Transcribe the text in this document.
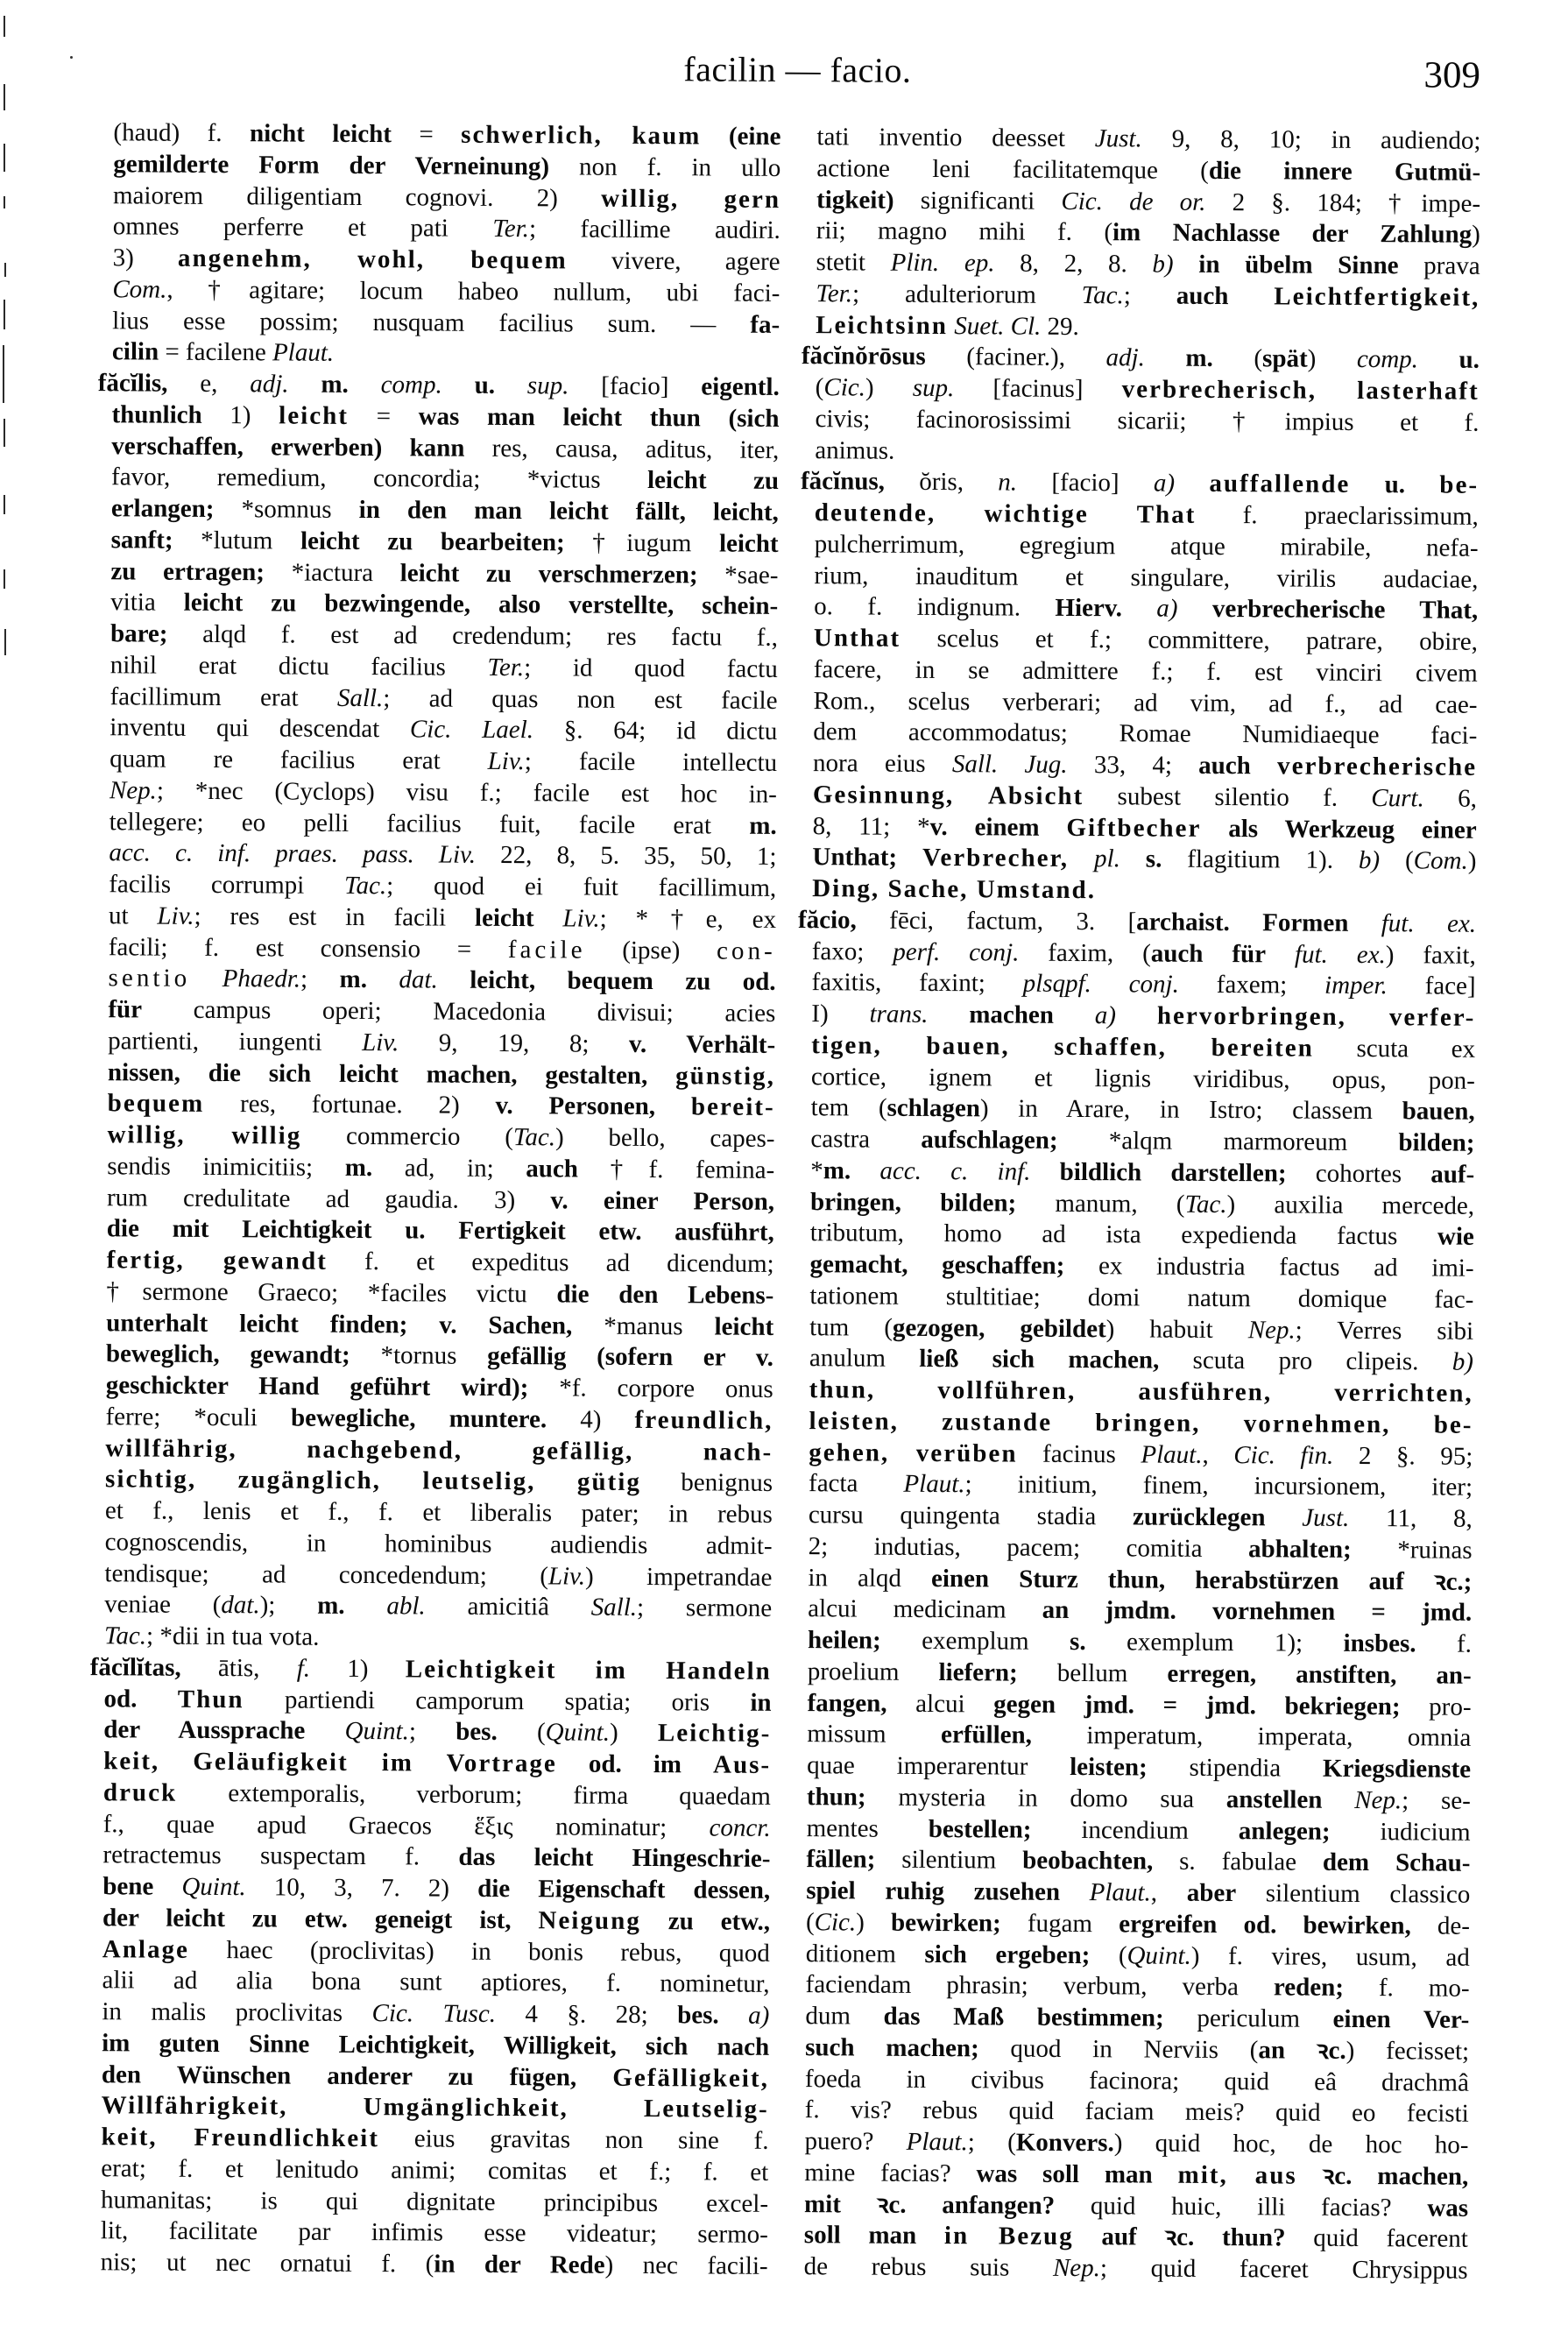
facilin — facio.	309
(haud) f. nicht leicht = schwerlich, kaum (eine
gemilderte Form der Verneinung) non f. in ullo
maiorem diligentiam cognovi. 2) willig, gern
omnes perferre et pati Ter.; facillime audiri.
3) angenehm, wohl, bequem vivere, agere
Com., †agitare; locum habeo nullum, ubi faci-
lius esse possim; nusquam facilius sum. — fa-
cilin = facilene Plaut.
făcĭlis, e, adj. m. comp. u. sup. [facio] eigentl.
thunlich 1) leicht = was man leicht thun (sich
verschaffen, erwerben) kann res, causa, aditus, iter,
favor, remedium, concordia; *victus leicht zu
erlangen; *somnus in den man leicht fällt, leicht,
sanft; *lutum leicht zu bearbeiten; †iugum leicht
zu ertragen; *iactura leicht zu verschmerzen; *sae-
vitia leicht zu bezwingende, also verstellte, schein-
bare; alqd f. est ad credendum; res factu f.,
nihil erat dictu facilius Ter.; id quod factu
facillimum erat Sall.; ad quas non est facile
inventu qui descendat Cic. Lael. §. 64; id dictu
quam re facilius erat Liv.; facile intellectu
Nep.; *nec (Cyclops) visu f.; facile est hoc in-
tellegere; eo pelli facilius fuit, facile erat m.
acc. c. inf. praes. pass. Liv. 22, 8, 5. 35, 50, 1;
facilis corrumpi Tac.; quod ei fuit facillimum,
ut Liv.; res est in facili leicht Liv.; *†e, ex
facili; f. est consensio = facile (ipse) con-
sentio Phaedr.; m. dat. leicht, bequem zu od.
für campus operi; Macedonia divisui; acies
partienti, iungenti Liv. 9, 19, 8; v. Verhält-
nissen, die sich leicht machen, gestalten, günstig,
bequem res, fortunae. 2) v. Personen, bereit-
willig, willig commercio (Tac.) bello, capes-
sendis inimicitiis; m. ad, in; auch †f. femina-
rum credulitate ad gaudia. 3) v. einer Person,
die mit Leichtigkeit u. Fertigkeit etw. ausführt,
fertig, gewandt f. et expeditus ad dicendum;
†sermone Graeco; *faciles victu die den Lebens-
unterhalt leicht finden; v. Sachen, *manus leicht
beweglich, gewandt; *tornus gefällig (sofern er v.
geschickter Hand geführt wird); *f. corpore onus
ferre; *oculi bewegliche, muntere. 4) freundlich,
willfährig, nachgebend, gefällig, nach-
sichtig, zugänglich, leutselig, gütig benignus
et f., lenis et f., f. et liberalis pater; in rebus
cognoscendis, in hominibus audiendis admit-
tendisque; ad concedendum; (Liv.) impetrandae
veniae (dat.); m. abl. amicitiâ Sall.; sermone
Tac.; *dii in tua vota.
făcĭlĭtas, ātis, f. 1) Leichtigkeit im Handeln
od. Thun partiendi camporum spatia; oris in
der Aussprache Quint.; bes. (Quint.) Leichtig-
keit, Geläufigkeit im Vortrage od. im Aus-
druck extemporalis, verborum; firma quaedam
f., quae apud Graecos ἕξις nominatur; concr.
retractemus suspectam f. das leicht Hingeschrie-
bene Quint. 10, 3, 7. 2) die Eigenschaft dessen,
der leicht zu etw. geneigt ist, Neigung zu etw.,
Anlage haec (proclivitas) in bonis rebus, quod
alii ad alia bona sunt aptiores, f. nominetur,
in malis proclivitas Cic. Tusc. 4 §. 28; bes. a)
im guten Sinne Leichtigkeit, Willigkeit, sich nach
den Wünschen anderer zu fügen, Gefälligkeit,
Willfährigkeit, Umgänglichkeit, Leutselig-
keit, Freundlichkeit eius gravitas non sine f.
erat; f. et lenitudo animi; comitas et f.; f. et
humanitas; is qui dignitate principibus excel-
lit, facilitate par infimis esse videatur; sermo-
nis; ut nec ornatui f. (in der Rede) nec facili-
tati inventio deesset Just. 9, 8, 10; in audiendo;
actione leni facilitatemque (die innere Gutmü-
tigkeit) significanti Cic. de or. 2 §. 184; †impe-
rii; magno mihi f. (im Nachlasse der Zahlung)
stetit Plin. ep. 8, 2, 8. b) in übelm Sinne prava
Ter.; adulteriorum Tac.; auch Leichtfertigkeit,
Leichtsinn Suet. Cl. 29.
făcĭnŏrōsus (faciner.), adj. m. (spät) comp. u.
(Cic.) sup. [facinus] verbrecherisch, lasterhaft
civis; facinorosissimi sicarii; †impius et f.
animus.
făcĭnus, ŏris, n. [facio] a) auffallende u. be-
deutende, wichtige That f. praeclarissimum,
pulcherrimum, egregium atque mirabile, nefa-
rium, inauditum et singulare, virilis audaciae,
o. f. indignum. Hierv. a) verbrecherische That,
Unthat scelus et f.; committere, patrare, obire,
facere, in se admittere f.; f. est vinciri civem
Rom., scelus verberari; ad vim, ad f., ad cae-
dem accommodatus; Romae Numidiaeque faci-
nora eius Sall. Jug. 33, 4; auch verbrecherische
Gesinnung, Absicht subest silentio f. Curt. 6,
8, 11; *v. einem Giftbecher als Werkzeug einer
Unthat; Verbrecher, pl. s. flagitium 1). b) (Com.)
Ding, Sache, Umstand.
făcio, fēci, factum, 3. [archaist. Formen fut. ex.
faxo; perf. conj. faxim, (auch für fut. ex.) faxit,
faxitis, faxint; plsqpf. conj. faxem; imper. face]
I) trans. machen a) hervorbringen, verfer-
tigen, bauen, schaffen, bereiten scuta ex
cortice, ignem et lignis viridibus, opus, pon-
tem (schlagen) in Arare, in Istro; classem bauen,
castra aufschlagen; *alqm marmoreum bilden;
*m. acc. c. inf. bildlich darstellen; cohortes auf-
bringen, bilden; manum, (Tac.) auxilia mercede,
tributum, homo ad ista expedienda factus wie
gemacht, geschaffen; ex industria factus ad imi-
tationem stultitiae; domi natum domique fac-
tum (gezogen, gebildet) habuit Nep.; Verres sibi
anulum ließ sich machen, scuta pro clipeis. b)
thun, vollführen, ausführen, verrichten,
leisten, zustande bringen, vornehmen, be-
gehen, verüben facinus Plaut., Cic. fin. 2 §. 95;
facta Plaut.; initium, finem, incursionem, iter;
cursu quingenta stadia zurücklegen Just. 11, 8,
2; indutias, pacem; comitia abhalten; *ruinas
in alqd einen Sturz thun, herabstürzen auf ꝛc.;
alcui medicinam an jmdm. vornehmen = jmd.
heilen; exemplum s. exemplum 1); insbes. f.
proelium liefern; bellum erregen, anstiften, an-
fangen, alcui gegen jmd. = jmd. bekriegen; pro-
missum erfüllen, imperatum, imperata, omnia
quae imperarentur leisten; stipendia Kriegsdienste
thun; mysteria in domo sua anstellen Nep.; se-
mentes bestellen; incendium anlegen; iudicium
fällen; silentium beobachten, s. fabulae dem Schau-
spiel ruhig zusehen Plaut., aber silentium classico
(Cic.) bewirken; fugam ergreifen od. bewirken, de-
ditionem sich ergeben; (Quint.) f. vires, usum, ad
faciendam phrasin; verbum, verba reden; f. mo-
dum das Maß bestimmen; periculum einen Ver-
such machen; quod in Nerviis (an ꝛc.) fecisset;
foeda in civibus facinora; quid eâ drachmâ
f. vis? rebus quid faciam meis? quid eo fecisti
puero? Plaut.; (Konvers.) quid hoc, de hoc ho-
mine facias? was soll man mit, aus ꝛc. machen,
mit ꝛc. anfangen? quid huic, illi facias? was
soll man in Bezug auf ꝛc. thun? quid facerent
de rebus suis Nep.; quid faceret Chrysippus
